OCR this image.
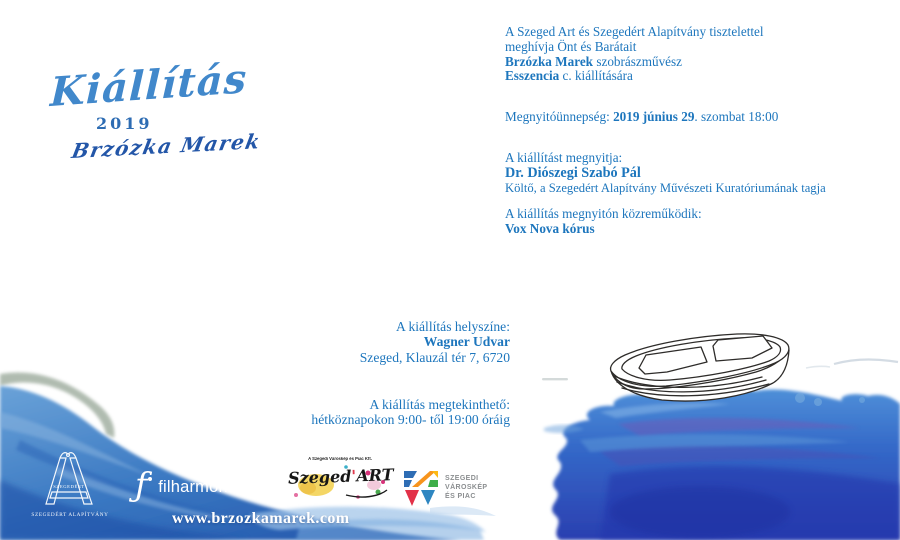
Kiállítás
2019
Brzózka Marek
A Szeged Art és Szegedért Alapítvány tisztelettel
meghívja Önt és Barátait
Brzózka Marek szobrászművész
Esszencia c. kiállítására
Megnyitóünnepség: 2019 június 29. szombat 18:00
A kiállítást megnyitja:
Dr. Diószegi Szabó Pál
Költő, a Szegedért Alapítvány Művészeti Kuratóriumának tagja
A kiállítás megnyitón közreműködik:
Vox Nova kórus
A kiállítás helyszíne:
Wagner Udvar
Szeged, Klauzál tér 7, 6720
A kiállítás megtekinthető:
hétköznapokon 9:00- től 19:00 óráig
SZEGEDÉRT
SZEGEDÉRT ALAPÍTVÁNY
ƒ filharmónia
A Szegedi Városkép és Piac Kft.
Szeged'ART	SZEGEDI
VÁROSKÉP
ÉS PIAC
www.brzozkamarek.com
